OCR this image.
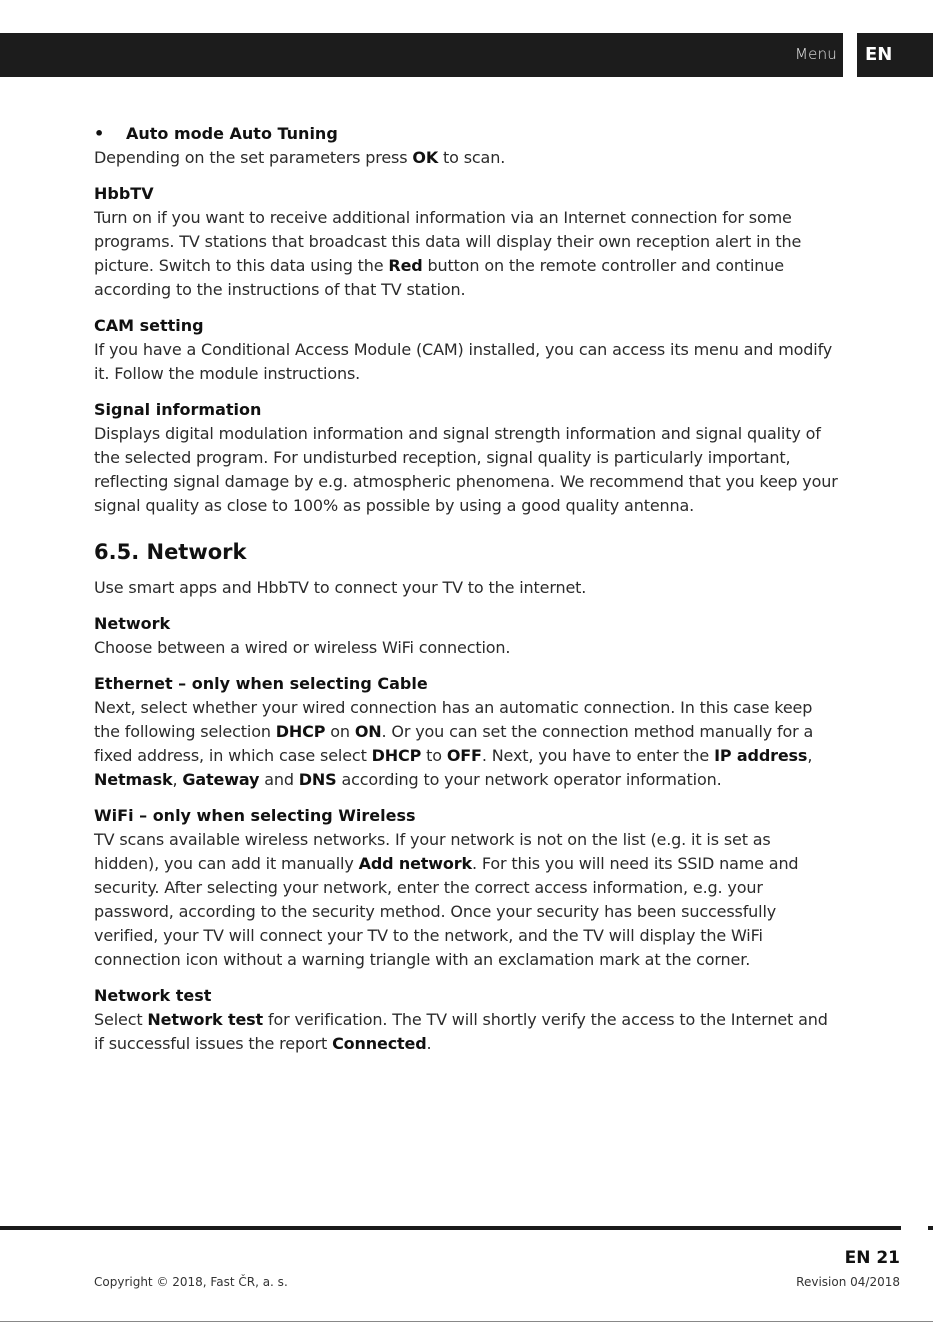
Menu EN
•	Auto mode Auto Tuning

Depending on the set parameters press OK to scan.

HbbTV

Turn on if you want to receive additional information via an Internet connection for some programs. TV stations that broadcast this data will display their own reception alert in the picture. Switch to this data using the Red button on the remote controller and continue according to the instructions of that TV station.

CAM setting

If you have a Conditional Access Module (CAM) installed, you can access its menu and modify it. Follow the module instructions.

Signal information

Displays digital modulation information and signal strength information and signal quality of the selected program. For undisturbed reception, signal quality is particularly important, reflecting signal damage by e.g. atmospheric phenomena. We recommend that you keep your signal quality as close to 100% as possible by using a good quality antenna.

6.5. Network

Use smart apps and HbbTV to connect your TV to the internet.

Network

Choose between a wired or wireless WiFi connection.

Ethernet – only when selecting Cable

Next, select whether your wired connection has an automatic connection. In this case keep the following selection DHCP on ON. Or you can set the connection method manually for a fixed address, in which case select DHCP to OFF. Next, you have to enter the IP address, Netmask, Gateway and DNS according to your network operator information.

WiFi – only when selecting Wireless

TV scans available wireless networks. If your network is not on the list (e.g. it is set as hidden), you can add it manually Add network. For this you will need its SSID name and security. After selecting your network, enter the correct access information, e.g. your password, according to the security method. Once your security has been successfully verified, your TV will connect your TV to the network, and the TV will display the WiFi connection icon without a warning triangle with an exclamation mark at the corner.

Network test

Select Network test for verification. The TV will shortly verify the access to the Internet and if successful issues the report Connected.

EN 21
Copyright © 2018, Fast ČR, a. s.	Revision 04/2018
